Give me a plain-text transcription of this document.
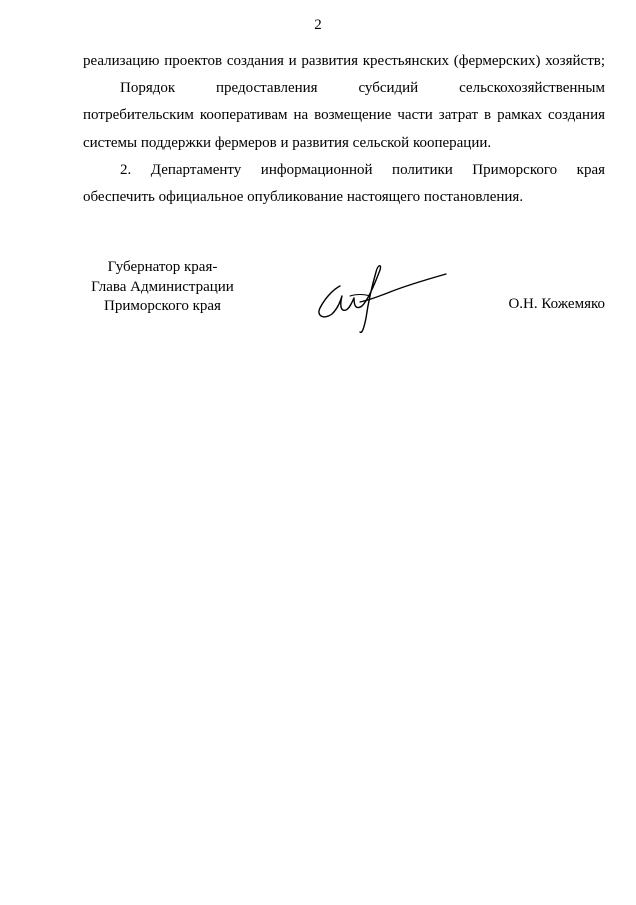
2
реализацию проектов создания и развития крестьянских (фермерских) хозяйств;
Порядок предоставления субсидий сельскохозяйственным
потребительским кооперативам на возмещение части затрат в рамках создания
системы поддержки фермеров и развития сельской кооперации.
2. Департаменту информационной политики Приморского края
обеспечить официальное опубликование настоящего постановления.
Губернатор края-
Глава Администрации
Приморского края	О.Н. Кожемяко
